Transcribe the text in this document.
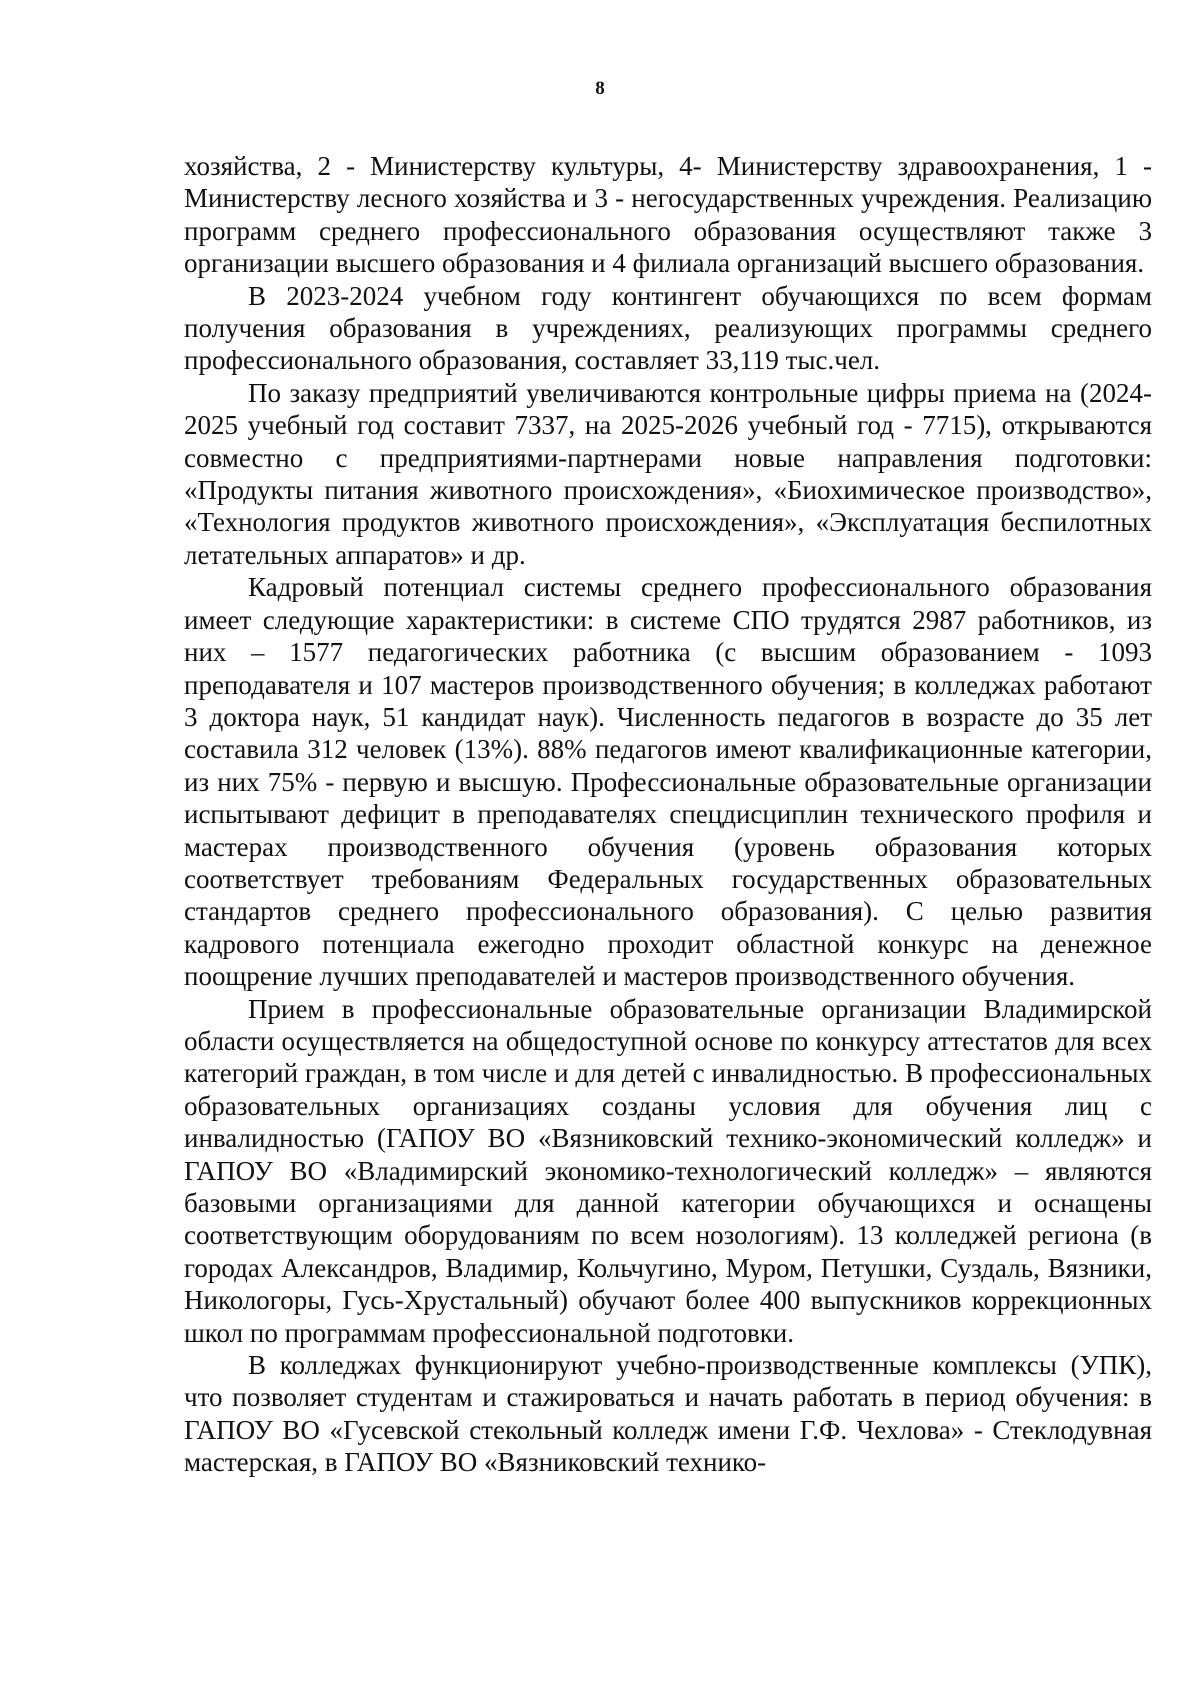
8

хозяйства, 2 - Министерству культуры, 4- Министерству здравоохранения, 1 - Министерству лесного хозяйства и 3 - негосударственных учреждения. Реализацию программ среднего профессионального образования осуществляют также 3 организации высшего образования и 4 филиала организаций высшего образования.

В 2023-2024 учебном году контингент обучающихся по всем формам получения образования в учреждениях, реализующих программы среднего профессионального образования, составляет 33,119 тыс.чел.

По заказу предприятий увеличиваются контрольные цифры приема на (2024-2025 учебный год составит 7337, на 2025-2026 учебный год - 7715), открываются совместно с предприятиями-партнерами новые направления подготовки: «Продукты питания животного происхождения», «Биохимическое производство», «Технология продуктов животного происхождения», «Эксплуатация беспилотных летательных аппаратов» и др.

Кадровый потенциал системы среднего профессионального образования имеет следующие характеристики: в системе СПО трудятся 2987 работников, из них – 1577 педагогических работника (с высшим образованием - 1093 преподавателя и 107 мастеров производственного обучения; в колледжах работают 3 доктора наук, 51 кандидат наук). Численность педагогов в возрасте до 35 лет составила 312 человек (13%). 88% педагогов имеют квалификационные категории, из них 75% - первую и высшую. Профессиональные образовательные организации испытывают дефицит в преподавателях спецдисциплин технического профиля и мастерах производственного обучения (уровень образования которых соответствует требованиям Федеральных государственных образовательных стандартов среднего профессионального образования). С целью развития кадрового потенциала ежегодно проходит областной конкурс на денежное поощрение лучших преподавателей и мастеров производственного обучения.

Прием в профессиональные образовательные организации Владимирской области осуществляется на общедоступной основе по конкурсу аттестатов для всех категорий граждан, в том числе и для детей с инвалидностью. В профессиональных образовательных организациях созданы условия для обучения лиц с инвалидностью (ГАПОУ ВО «Вязниковский технико-экономический колледж» и ГАПОУ ВО «Владимирский экономико-технологический колледж» – являются базовыми организациями для данной категории обучающихся и оснащены соответствующим оборудованиям по всем нозологиям). 13 колледжей региона (в городах Александров, Владимир, Кольчугино, Муром, Петушки, Суздаль, Вязники, Никологоры, Гусь-Хрустальный) обучают более 400 выпускников коррекционных школ по программам профессиональной подготовки.

В колледжах функционируют учебно-производственные комплексы (УПК), что позволяет студентам и стажироваться и начать работать в период обучения: в ГАПОУ ВО «Гусевской стекольный колледж имени Г.Ф. Чехлова» - Стеклодувная мастерская, в ГАПОУ ВО «Вязниковский технико-
